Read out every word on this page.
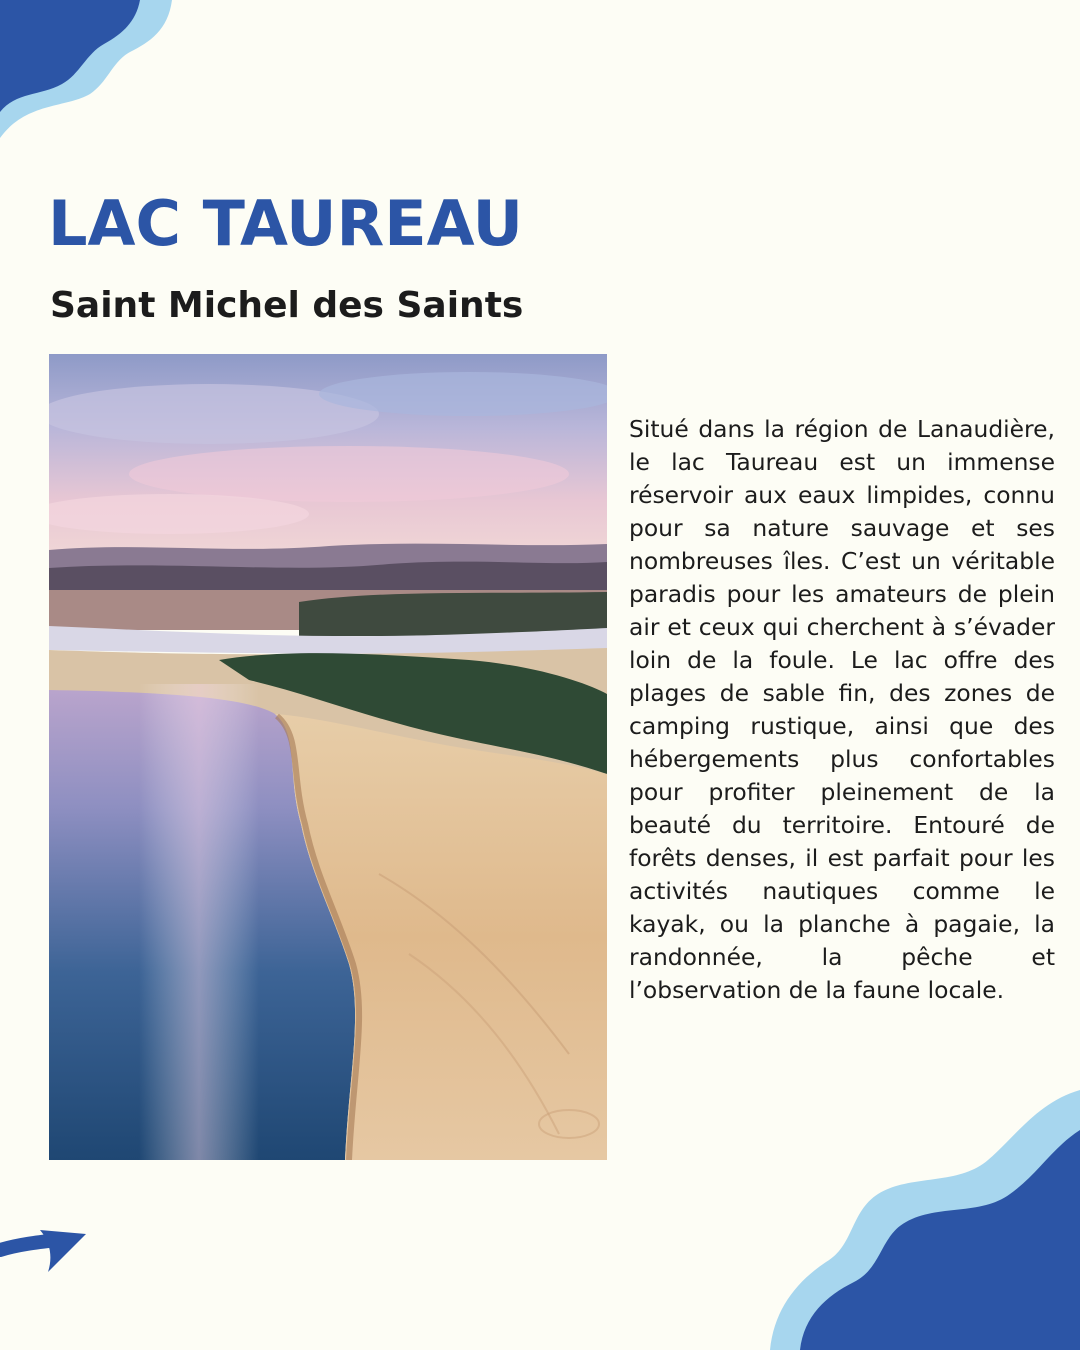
LAC TAUREAU
Saint Michel des Saints

Situé dans la région de Lanaudière, le lac Taureau est un immense réservoir aux eaux limpides, connu pour sa nature sauvage et ses nombreuses îles. C’est un véritable paradis pour les amateurs de plein air et ceux qui cherchent à s’évader loin de la foule. Le lac offre des plages de sable fin, des zones de camping rustique, ainsi que des hébergements plus confortables pour profiter pleinement de la beauté du territoire. Entouré de forêts denses, il est parfait pour les activités nautiques comme le kayak, ou la planche à pagaie, la randonnée, la pêche et l’observation de la faune locale.
